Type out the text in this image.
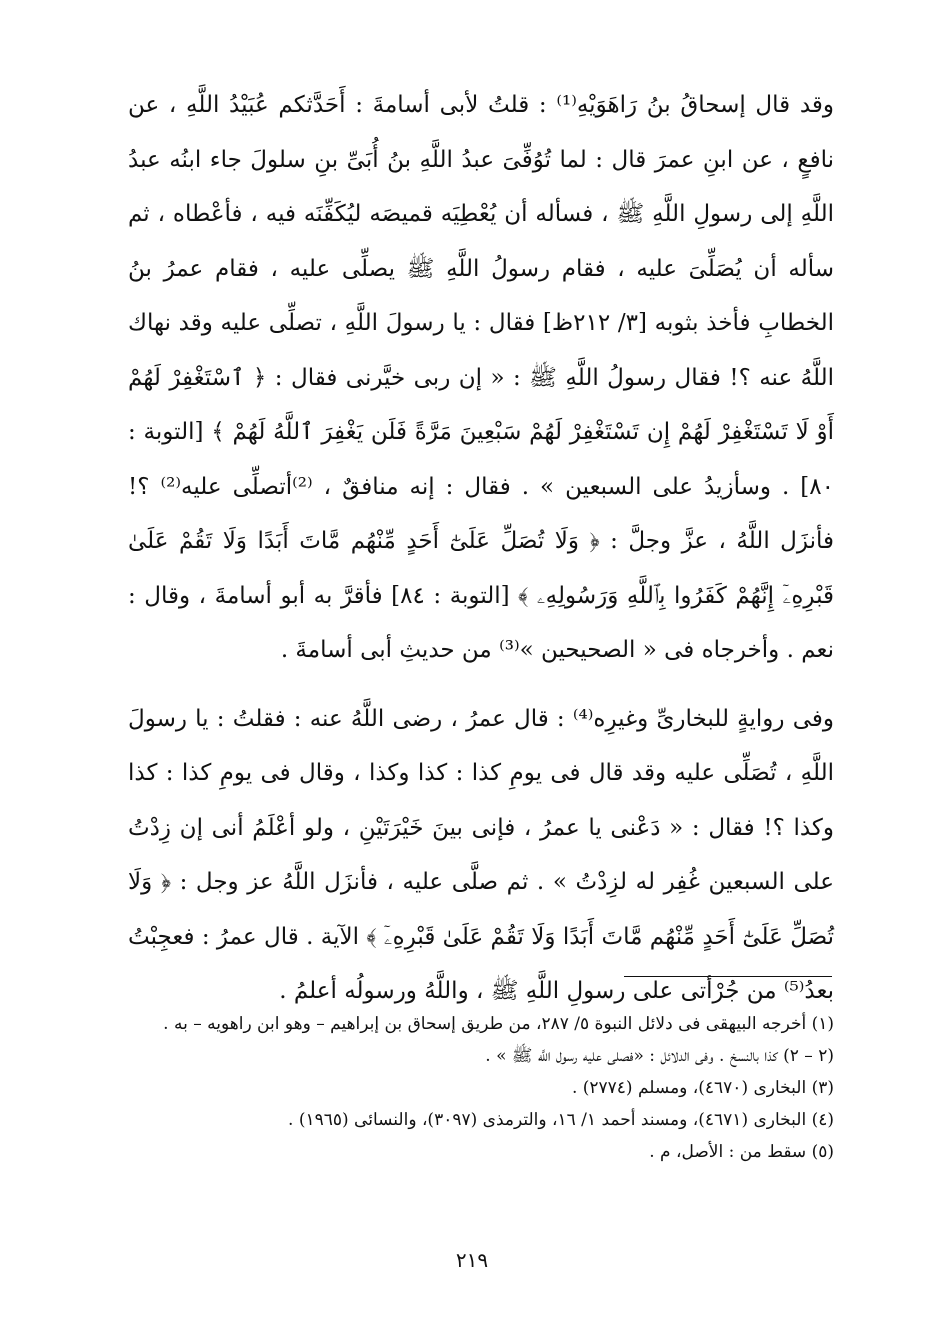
وقد قال إسحاقُ بنُ رَاهَوَيْهِ⁽¹⁾ : قلتُ لأبى أسامةَ : أَحَدَّثكم عُبَيْدُ اللَّهِ ، عن نافعٍ ، عن ابنِ عمرَ قال : لما تُوُفِّىَ عبدُ اللَّهِ بنُ أُبَىِّ بنِ سلولَ جاء ابنُه عبدُ اللَّهِ إلى رسولِ اللَّهِ ﷺ ، فسأله أن يُعْطِيَه قميصَه ليُكَفِّنَه فيه ، فأعْطاه ، ثم سأله أن يُصَلِّىَ عليه ، فقام رسولُ اللَّهِ ﷺ يصلِّى عليه ، فقام عمرُ بنُ الخطابِ فأخذ بثوبه [٣/ ٢١٢ظ] فقال : يا رسولَ اللَّهِ ، تصلِّى عليه وقد نهاك اللَّهُ عنه ؟! فقال رسولُ اللَّهِ ﷺ : « إن ربى خيَّرنى فقال : ﴿ ٱسْتَغْفِرْ لَهُمْ أَوْ لَا تَسْتَغْفِرْ لَهُمْ إِن تَسْتَغْفِرْ لَهُمْ سَبْعِينَ مَرَّةً فَلَن يَغْفِرَ ٱللَّهُ لَهُمْ ﴾ [التوبة : ٨٠] . وسأزيدُ على السبعين » . فقال : إنه منافقٌ ، ⁽²⁾أتصلِّى عليه⁽²⁾ ؟! فأنزَل اللَّهُ ، عزَّ وجلَّ : ﴿ وَلَا تُصَلِّ عَلَىٰٓ أَحَدٍ مِّنْهُم مَّاتَ أَبَدًا وَلَا تَقُمْ عَلَىٰ قَبْرِهِۦٓ إِنَّهُمْ كَفَرُوا بِٱللَّهِ وَرَسُولِهِۦ ﴾ [التوبة : ٨٤] فأقرَّ به أبو أسامةَ ، وقال : نعم . وأخرجاه فى « الصحيحين »⁽³⁾ من حديثِ أبى أسامةَ .

وفى روايةٍ للبخارىِّ وغيرِه⁽⁴⁾ : قال عمرُ ، رضى اللَّهُ عنه : فقلتُ : يا رسولَ اللَّهِ ، تُصَلِّى عليه وقد قال فى يومِ كذا : كذا وكذا ، وقال فى يومِ كذا : كذا وكذا ؟! فقال : « دَعْنى يا عمرُ ، فإنى بينَ خَيْرَتَيْنِ ، ولو أعْلَمُ أنى إن زِدْتُ على السبعين غُفِر له لزِدْتُ » . ثم صلَّى عليه ، فأنزَل اللَّهُ عز وجل : ﴿ وَلَا تُصَلِّ عَلَىٰٓ أَحَدٍ مِّنْهُم مَّاتَ أَبَدًا وَلَا تَقُمْ عَلَىٰ قَبْرِهِۦٓ ﴾ الآية . قال عمرُ : فعجِبْتُ بعدُ⁽⁵⁾ من جُرْأتى على رسولِ اللَّهِ ﷺ ، واللَّهُ ورسولُه أعلمُ .

(١) أخرجه البيهقى فى دلائل النبوة ٥/ ٢٨٧، من طريق إسحاق بن إبراهيم – وهو ابن راهويه – به .

(٢ – ٢) كذا بالنسخ . وفى الدلائل : «فصلى عليه رسول اللَّه ﷺ » .

(٣) البخارى (٤٦٧٠)، ومسلم (٢٧٧٤) .

(٤) البخارى (٤٦٧١)، ومسند أحمد ١/ ١٦، والترمذى (٣٠٩٧)، والنسائى (١٩٦٥) .

(٥) سقط من : الأصل، م .

٢١٩
